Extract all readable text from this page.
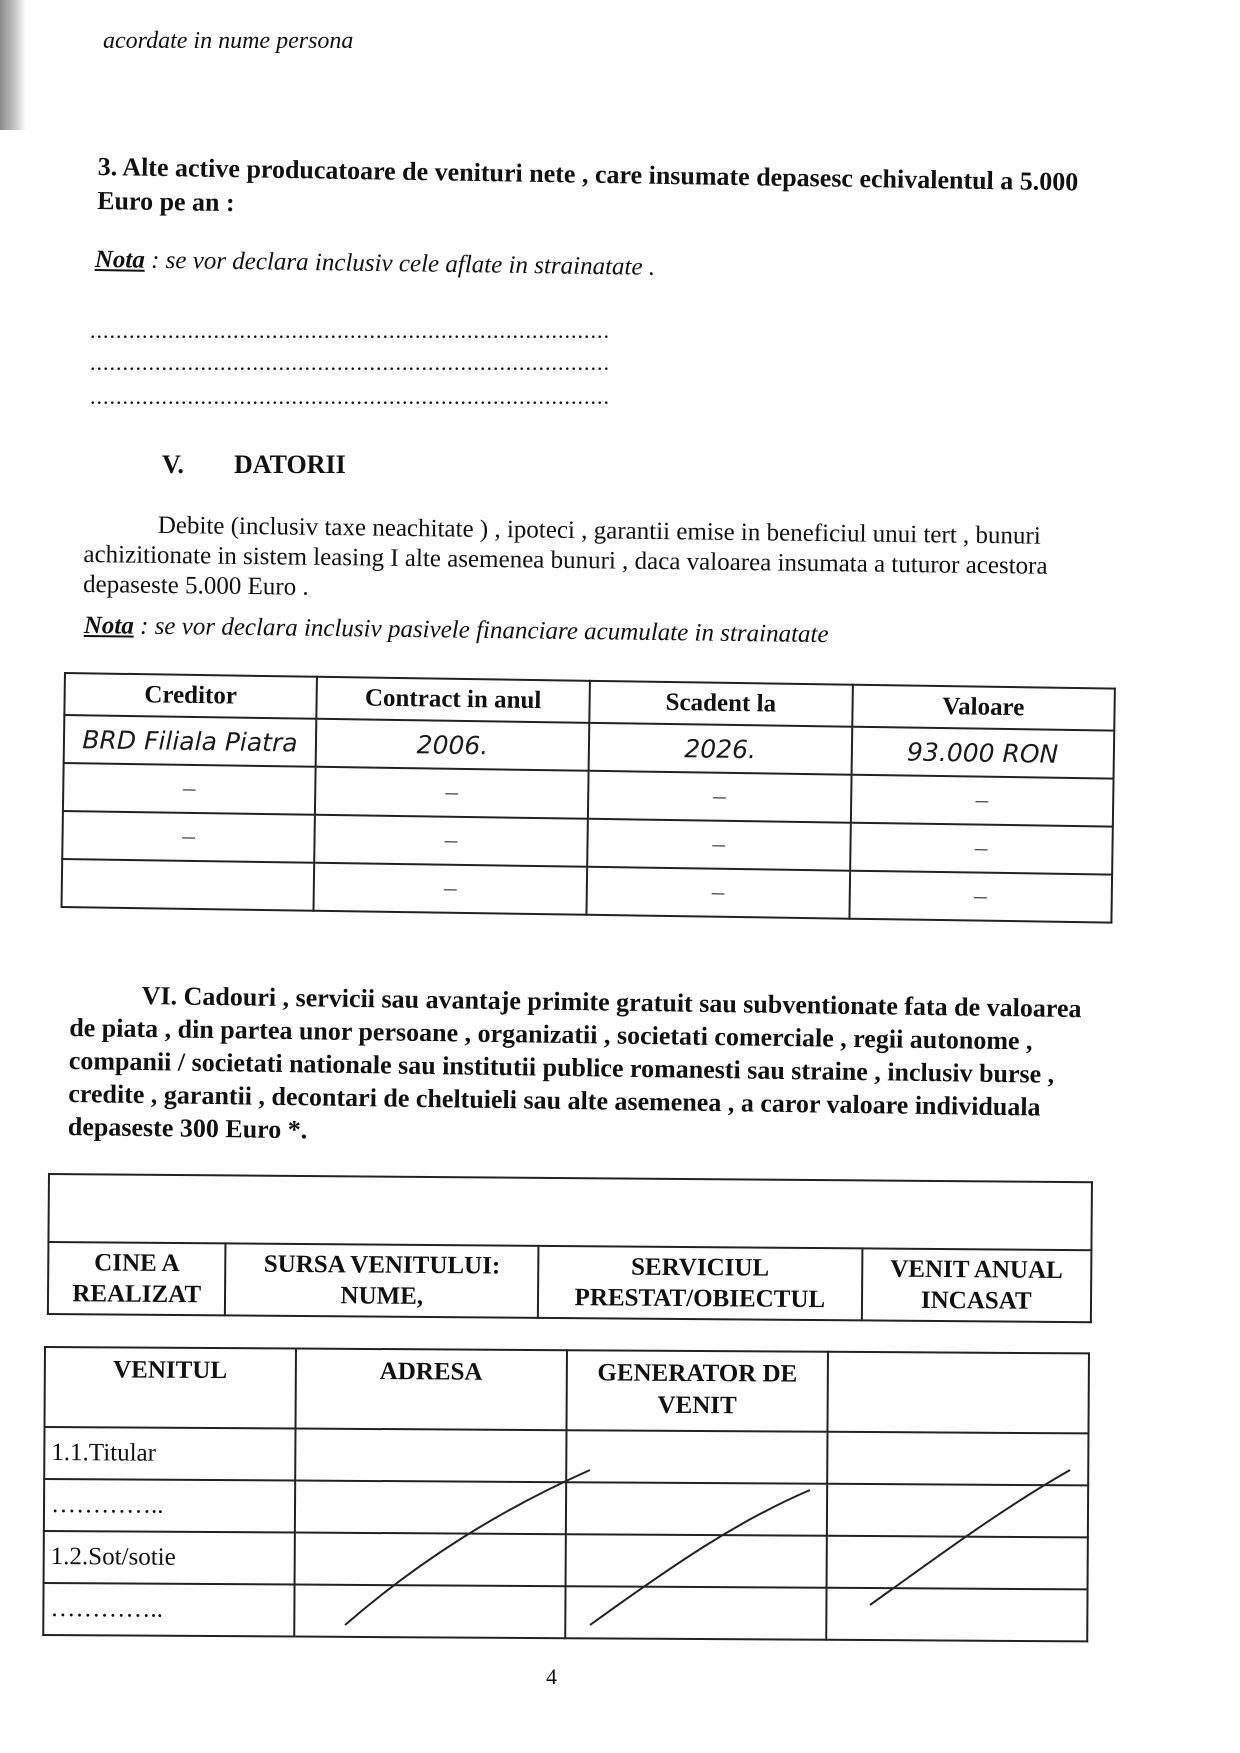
acordate in nume persona
3. Alte active producatoare de venituri nete , care insumate depasesc echivalentul a 5.000 Euro pe an :
Nota : se vor declara inclusiv cele aflate in strainatate .
................................................................................
................................................................................
................................................................................
V. DATORII
Debite (inclusiv taxe neachitate ) , ipoteci , garantii emise in beneficiul unui tert , bunuri achizitionate in sistem leasing I alte asemenea bunuri , daca valoarea insumata a tuturor acestora depaseste 5.000 Euro .
Nota : se vor declara inclusiv pasivele financiare acumulate in strainatate
Creditor	Contract in anul	Scadent la	Valoare
BRD Filiala Piatra	2006.	2026.	93.000 RON
–	–	–	–
–	–	–	–
	–	–	–
VI. Cadouri , servicii sau avantaje primite gratuit sau subventionate fata de valoarea de piata , din partea unor persoane , organizatii , societati comerciale , regii autonome , companii / societati nationale sau institutii publice romanesti sau straine , inclusiv burse , credite , garantii , decontari de cheltuieli sau alte asemenea , a caror valoare individuala depaseste 300 Euro *.

CINE A REALIZAT	SURSA VENITULUI: NUME,	SERVICIUL PRESTAT/OBIECTUL	VENIT ANUAL INCASAT
VENITUL	ADRESA	GENERATOR DE VENIT	
1.1.Titular			
…………..			
1.2.Sot/sotie			
…………..			
4
